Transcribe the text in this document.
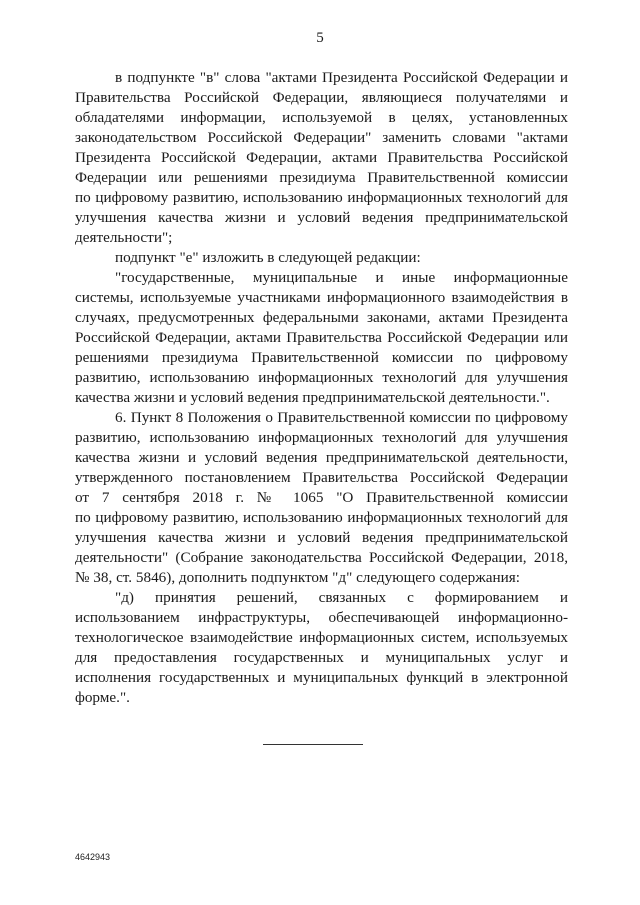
5
в подпункте "в" слова "актами Президента Российской Федерации и
Правительства Российской Федерации, являющиеся получателями и
обладателями информации, используемой в целях, установленных
законодательством Российской Федерации" заменить словами "актами
Президента Российской Федерации, актами Правительства Российской
Федерации или решениями президиума Правительственной комиссии
по цифровому развитию, использованию информационных технологий для
улучшения качества жизни и условий ведения предпринимательской
деятельности";
подпункт "е" изложить в следующей редакции:
"государственные, муниципальные и иные информационные
системы, используемые участниками информационного взаимодействия в
случаях, предусмотренных федеральными законами, актами Президента
Российской Федерации, актами Правительства Российской Федерации или
решениями президиума Правительственной комиссии по цифровому
развитию, использованию информационных технологий для улучшения
качества жизни и условий ведения предпринимательской деятельности.".
6. Пункт 8 Положения о Правительственной комиссии по цифровому
развитию, использованию информационных технологий для улучшения
качества жизни и условий ведения предпринимательской деятельности,
утвержденного постановлением Правительства Российской Федерации
от 7 сентября 2018 г. № 1065 "О Правительственной комиссии
по цифровому развитию, использованию информационных технологий для
улучшения качества жизни и условий ведения предпринимательской
деятельности" (Собрание законодательства Российской Федерации, 2018,
№ 38, ст. 5846), дополнить подпунктом "д" следующего содержания:
"д) принятия решений, связанных с формированием и
использованием инфраструктуры, обеспечивающей информационно-
технологическое взаимодействие информационных систем, используемых
для предоставления государственных и муниципальных услуг и
исполнения государственных и муниципальных функций в электронной
форме.".
4642943
